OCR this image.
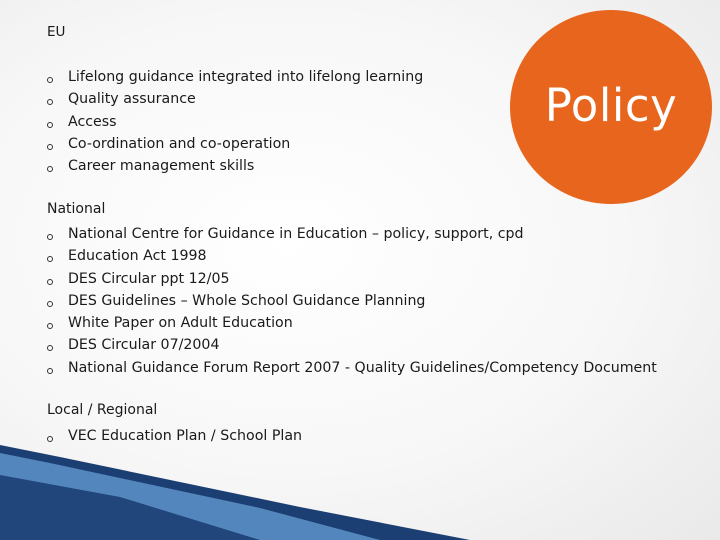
EU
Lifelong guidance integrated into lifelong learning
Quality assurance
Access
Co-ordination and co-operation
Career management skills
Policy
National
National Centre for Guidance in Education – policy, support, cpd
Education Act 1998
DES Circular ppt 12/05
DES Guidelines – Whole School Guidance Planning
White Paper on Adult Education
DES Circular 07/2004
National Guidance Forum Report 2007 - Quality Guidelines/Competency Document
Local / Regional
VEC Education Plan / School Plan
